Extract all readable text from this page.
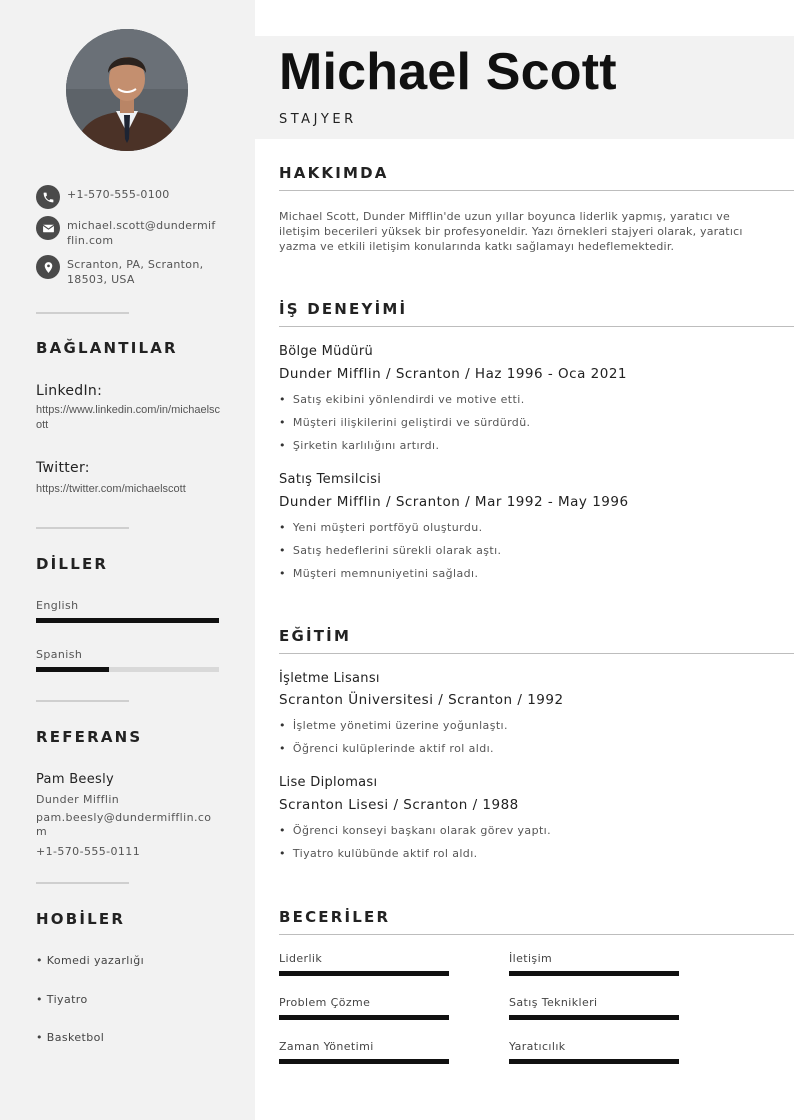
+1-570-555-0100
michael.scott@dundermifflin.com
Scranton, PA, Scranton, 18503, USA
BAĞLANTILAR
LinkedIn:
https://www.linkedin.com/in/michaelscott
Twitter:
https://twitter.com/michaelscott
DİLLER
English
Spanish
REFERANS
Pam Beesly
Dunder Mifflin
pam.beesly@dundermifflin.com
+1-570-555-0111
HOBİLER
• Komedi yazarlığı
• Tiyatro
• Basketbol
Michael Scott
STAJYER
HAKKIMDA
Michael Scott, Dunder Mifflin'de uzun yıllar boyunca liderlik yapmış, yaratıcı ve iletişim becerileri yüksek bir profesyoneldir. Yazı örnekleri stajyeri olarak, yaratıcı yazma ve etkili iletişim konularında katkı sağlamayı hedeflemektedir.
İŞ DENEYİMİ
Bölge Müdürü
Dunder Mifflin / Scranton / Haz 1996 - Oca 2021
• Satış ekibini yönlendirdi ve motive etti.
• Müşteri ilişkilerini geliştirdi ve sürdürdü.
• Şirketin karlılığını artırdı.
Satış Temsilcisi
Dunder Mifflin / Scranton / Mar 1992 - May 1996
• Yeni müşteri portföyü oluşturdu.
• Satış hedeflerini sürekli olarak aştı.
• Müşteri memnuniyetini sağladı.
EĞİTİM
İşletme Lisansı
Scranton Üniversitesi / Scranton / 1992
• İşletme yönetimi üzerine yoğunlaştı.
• Öğrenci kulüplerinde aktif rol aldı.
Lise Diploması
Scranton Lisesi / Scranton / 1988
• Öğrenci konseyi başkanı olarak görev yaptı.
• Tiyatro kulübünde aktif rol aldı.
BECERİLER
Liderlik	İletişim
Problem Çözme	Satış Teknikleri
Zaman Yönetimi	Yaratıcılık
